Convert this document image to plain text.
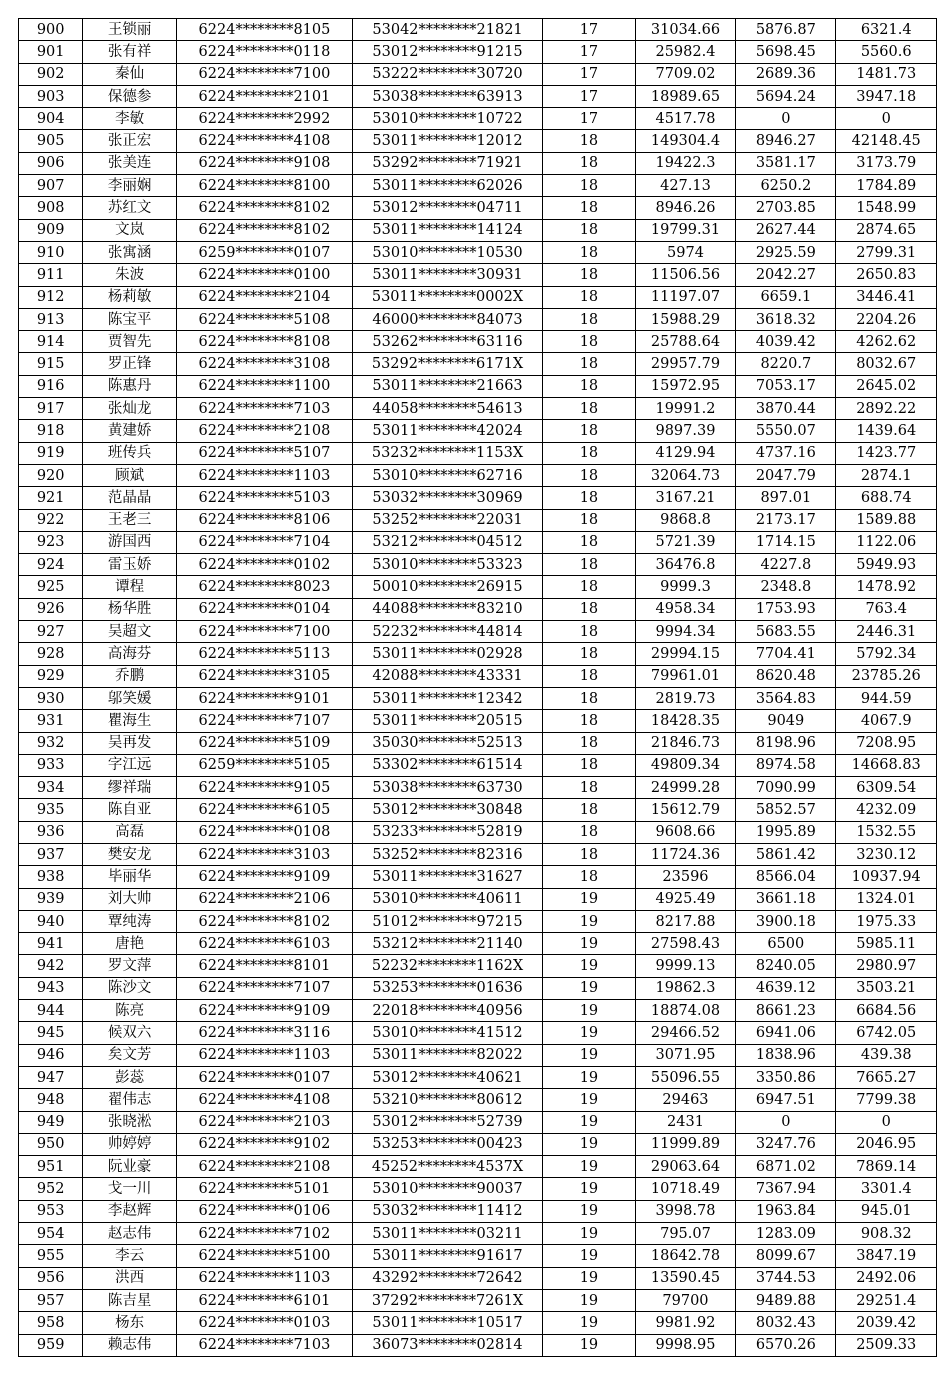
900	王锁丽	6224********8105	53042********21821	17	31034.66	5876.87	6321.4
901	张有祥	6224********0118	53012********91215	17	25982.4	5698.45	5560.6
902	秦仙	6224********7100	53222********30720	17	7709.02	2689.36	1481.73
903	保德参	6224********2101	53038********63913	17	18989.65	5694.24	3947.18
904	李敏	6224********2992	53010********10722	17	4517.78	0	0
905	张正宏	6224********4108	53011********12012	18	149304.4	8946.27	42148.45
906	张美连	6224********9108	53292********71921	18	19422.3	3581.17	3173.79
907	李丽娴	6224********8100	53011********62026	18	427.13	6250.2	1784.89
908	苏红文	6224********8102	53012********04711	18	8946.26	2703.85	1548.99
909	文岚	6224********8102	53011********14124	18	19799.31	2627.44	2874.65
910	张寓涵	6259********0107	53010********10530	18	5974	2925.59	2799.31
911	朱波	6224********0100	53011********30931	18	11506.56	2042.27	2650.83
912	杨莉敏	6224********2104	53011********0002X	18	11197.07	6659.1	3446.41
913	陈宝平	6224********5108	46000********84073	18	15988.29	3618.32	2204.26
914	贾智先	6224********8108	53262********63116	18	25788.64	4039.42	4262.62
915	罗正锋	6224********3108	53292********6171X	18	29957.79	8220.7	8032.67
916	陈惠丹	6224********1100	53011********21663	18	15972.95	7053.17	2645.02
917	张灿龙	6224********7103	44058********54613	18	19991.2	3870.44	2892.22
918	黄建娇	6224********2108	53011********42024	18	9897.39	5550.07	1439.64
919	班传兵	6224********5107	53232********1153X	18	4129.94	4737.16	1423.77
920	顾斌	6224********1103	53010********62716	18	32064.73	2047.79	2874.1
921	范晶晶	6224********5103	53032********30969	18	3167.21	897.01	688.74
922	王老三	6224********8106	53252********22031	18	9868.8	2173.17	1589.88
923	游国西	6224********7104	53212********04512	18	5721.39	1714.15	1122.06
924	雷玉娇	6224********0102	53010********53323	18	36476.8	4227.8	5949.93
925	谭程	6224********8023	50010********26915	18	9999.3	2348.8	1478.92
926	杨华胜	6224********0104	44088********83210	18	4958.34	1753.93	763.4
927	吴超文	6224********7100	52232********44814	18	9994.34	5683.55	2446.31
928	高海芬	6224********5113	53011********02928	18	29994.15	7704.41	5792.34
929	乔鹏	6224********3105	42088********43331	18	79961.01	8620.48	23785.26
930	邬笑媛	6224********9101	53011********12342	18	2819.73	3564.83	944.59
931	瞿海生	6224********7107	53011********20515	18	18428.35	9049	4067.9
932	吴再发	6224********5109	35030********52513	18	21846.73	8198.96	7208.95
933	字江远	6259********5105	53302********61514	18	49809.34	8974.58	14668.83
934	缪祥瑞	6224********9105	53038********63730	18	24999.28	7090.99	6309.54
935	陈自亚	6224********6105	53012********30848	18	15612.79	5852.57	4232.09
936	高磊	6224********0108	53233********52819	18	9608.66	1995.89	1532.55
937	樊安龙	6224********3103	53252********82316	18	11724.36	5861.42	3230.12
938	毕丽华	6224********9109	53011********31627	18	23596	8566.04	10937.94
939	刘大帅	6224********2106	53010********40611	19	4925.49	3661.18	1324.01
940	覃纯涛	6224********8102	51012********97215	19	8217.88	3900.18	1975.33
941	唐艳	6224********6103	53212********21140	19	27598.43	6500	5985.11
942	罗文萍	6224********8101	52232********1162X	19	9999.13	8240.05	2980.97
943	陈沙文	6224********7107	53253********01636	19	19862.3	4639.12	3503.21
944	陈亮	6224********9109	22018********40956	19	18874.08	8661.23	6684.56
945	候双六	6224********3116	53010********41512	19	29466.52	6941.06	6742.05
946	矣文芳	6224********1103	53011********82022	19	3071.95	1838.96	439.38
947	彭蕊	6224********0107	53012********40621	19	55096.55	3350.86	7665.27
948	翟伟志	6224********4108	53210********80612	19	29463	6947.51	7799.38
949	张晓淞	6224********2103	53012********52739	19	2431	0	0
950	帅婷婷	6224********9102	53253********00423	19	11999.89	3247.76	2046.95
951	阮业豪	6224********2108	45252********4537X	19	29063.64	6871.02	7869.14
952	戈一川	6224********5101	53010********90037	19	10718.49	7367.94	3301.4
953	李赵辉	6224********0106	53032********11412	19	3998.78	1963.84	945.01
954	赵志伟	6224********7102	53011********03211	19	795.07	1283.09	908.32
955	李云	6224********5100	53011********91617	19	18642.78	8099.67	3847.19
956	洪西	6224********1103	43292********72642	19	13590.45	3744.53	2492.06
957	陈吉星	6224********6101	37292********7261X	19	79700	9489.88	29251.4
958	杨东	6224********0103	53011********10517	19	9981.92	8032.43	2039.42
959	赖志伟	6224********7103	36073********02814	19	9998.95	6570.26	2509.33
